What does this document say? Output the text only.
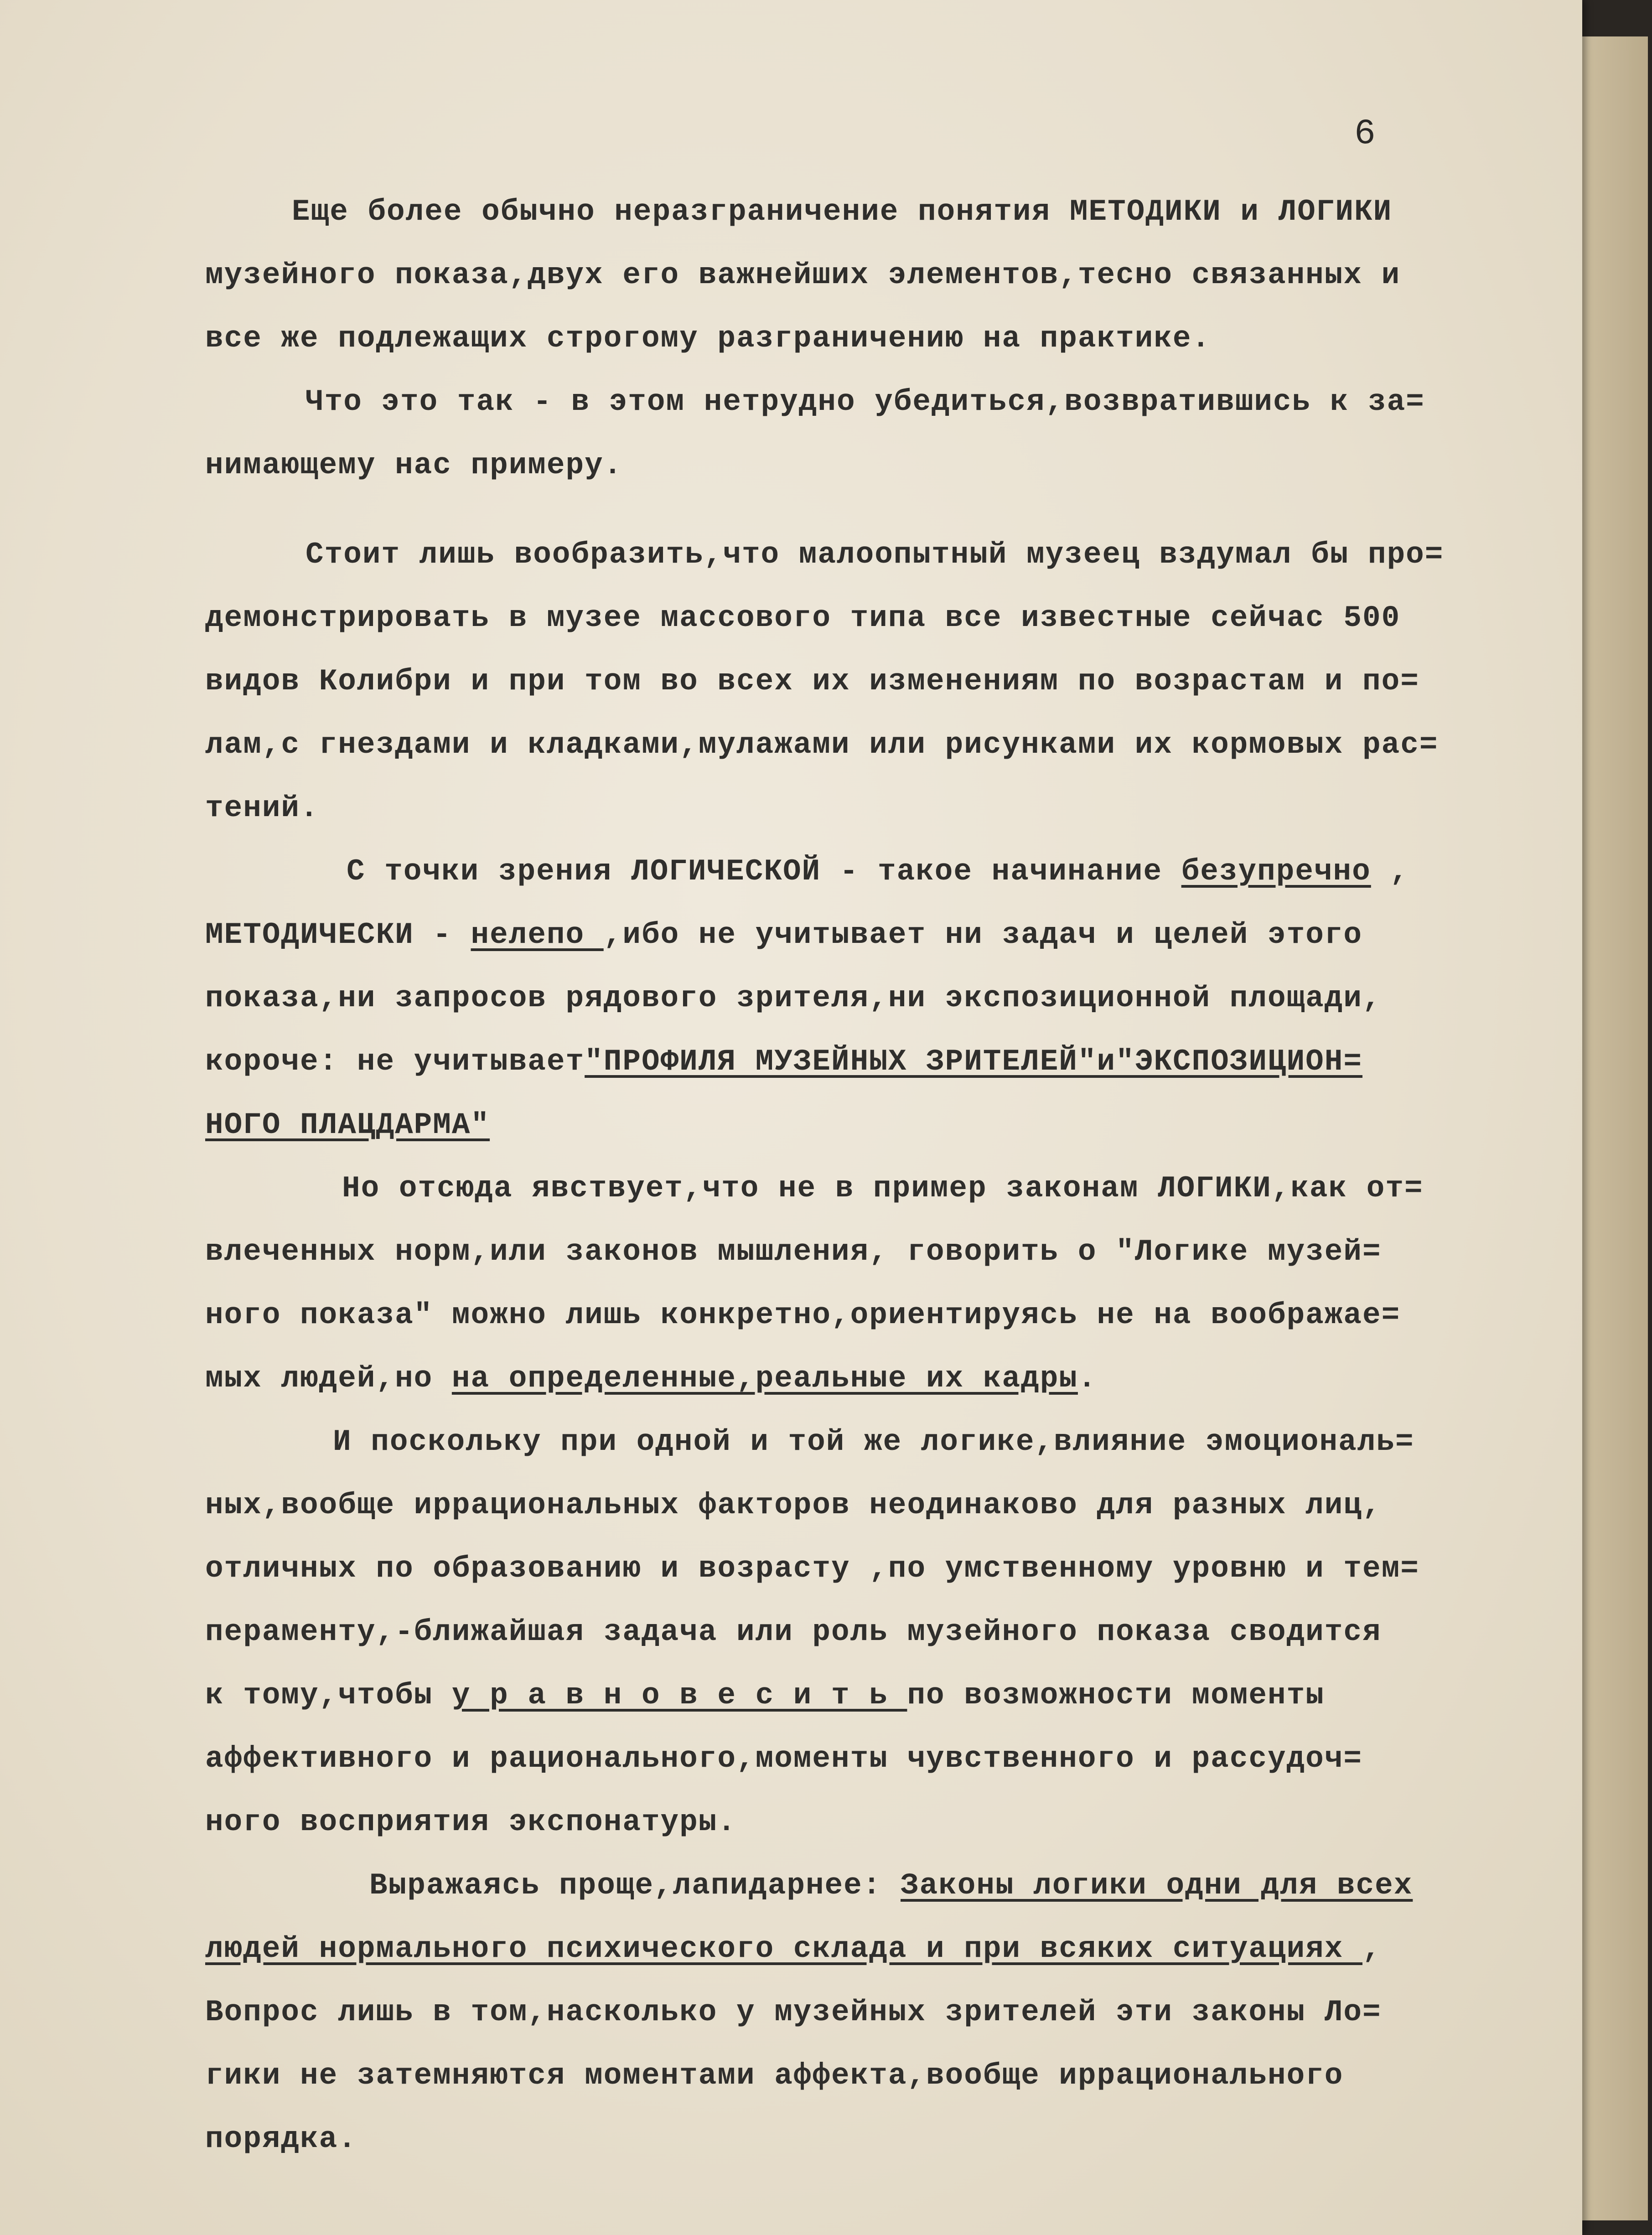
6
Еще более обычно неразграничение понятия МЕТОДИКИ и ЛОГИКИ
музейного показа,двух его важнейших элементов,тесно связанных и
все же подлежащих строгому разграничению на практике.
Что это так - в этом нетрудно убедиться,возвратившись к за=
нимающему нас примеру.
Стоит лишь вообразить,что малоопытный музеец вздумал бы про=
демонстрировать в музее массового типа все известные сейчас 500
видов Колибри и при том во всех их изменениям по возрастам и по=
лам,с гнездами и кладками,мулажами или рисунками их кормовых рас=
тений.
С точки зрения ЛОГИЧЕСКОЙ - такое начинание безупречно ,
МЕТОДИЧЕСКИ - нелепо ,ибо не учитывает ни задач и целей этого
показа,ни запросов рядового зрителя,ни экспозиционной площади,
короче: не учитывает"ПРОФИЛЯ МУЗЕЙНЫХ ЗРИТЕЛЕЙ"и"ЭКСПОЗИЦИОН=
НОГО ПЛАЦДАРМА"
Но отсюда явствует,что не в пример законам ЛОГИКИ,как от=
влеченных норм,или законов мышления, говорить о "Логике музей=
ного показа" можно лишь конкретно,ориентируясь не на воображае=
мых людей,но на определенные,реальные их кадры.
И поскольку при одной и той же логике,влияние эмоциональ=
ных,вообще иррациональных факторов неодинаково для разных лиц,
отличных по образованию и возрасту ,по умственному уровню и тем=
пераменту,-ближайшая задача или роль музейного показа сводится
к тому,чтобы у р а в н о в е с и т ь по возможности моменты
аффективного и рационального,моменты чувственного и рассудоч=
ного восприятия экспонатуры.
Выражаясь проще,лапидарнее: Законы логики одни для всех
людей нормального психического склада и при всяких ситуациях ,
Вопрос лишь в том,насколько у музейных зрителей эти законы Ло=
гики не затемняются моментами аффекта,вообще иррационального
порядка.
